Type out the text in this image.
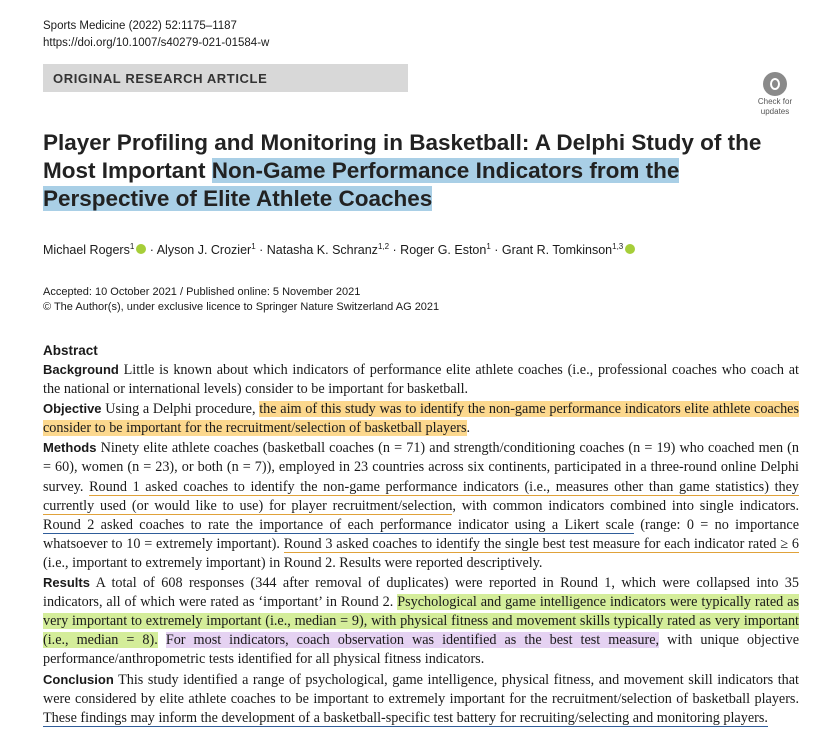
Sports Medicine (2022) 52:1175–1187
https://doi.org/10.1007/s40279-021-01584-w
ORIGINAL RESEARCH ARTICLE
Check for
updates
Player Profiling and Monitoring in Basketball: A Delphi Study of the Most Important Non-Game Performance Indicators from the Perspective of Elite Athlete Coaches
Michael Rogers$^1$ · Alyson J. Crozier$^1$ · Natasha K. Schranz$^{1,2}$ · Roger G. Eston$^1$ · Grant R. Tomkinson$^{1,3}$
Accepted: 10 October 2021 / Published online: 5 November 2021
© The Author(s), under exclusive licence to Springer Nature Switzerland AG 2021
Abstract

Background Little is known about which indicators of performance elite athlete coaches (i.e., professional coaches who coach at the national or international levels) consider to be important for basketball.

Objective Using a Delphi procedure, the aim of this study was to identify the non-game performance indicators elite athlete coaches consider to be important for the recruitment/selection of basketball players.

Methods Ninety elite athlete coaches (basketball coaches (n = 71) and strength/conditioning coaches (n = 19) who coached men (n = 60), women (n = 23), or both (n = 7)), employed in 23 countries across six continents, participated in a three-round online Delphi survey. Round 1 asked coaches to identify the non-game performance indicators (i.e., measures other than game statistics) they currently used (or would like to use) for player recruitment/selection, with common indicators combined into single indicators. Round 2 asked coaches to rate the importance of each performance indicator using a Likert scale (range: 0 = no importance whatsoever to 10 = extremely important). Round 3 asked coaches to identify the single best test measure for each indicator rated ≥ 6 (i.e., important to extremely important) in Round 2. Results were reported descriptively.

Results A total of 608 responses (344 after removal of duplicates) were reported in Round 1, which were collapsed into 35 indicators, all of which were rated as ‘important’ in Round 2. Psychological and game intelligence indicators were typically rated as very important to extremely important (i.e., median = 9), with physical fitness and movement skills typically rated as very important (i.e., median = 8). For most indicators, coach observation was identified as the best test measure, with unique objective performance/anthropometric tests identified for all physical fitness indicators.

Conclusion This study identified a range of psychological, game intelligence, physical fitness, and movement skill indicators that were considered by elite athlete coaches to be important to extremely important for the recruitment/selection of basketball players. These findings may inform the development of a basketball-specific test battery for recruiting/selecting and monitoring players.
